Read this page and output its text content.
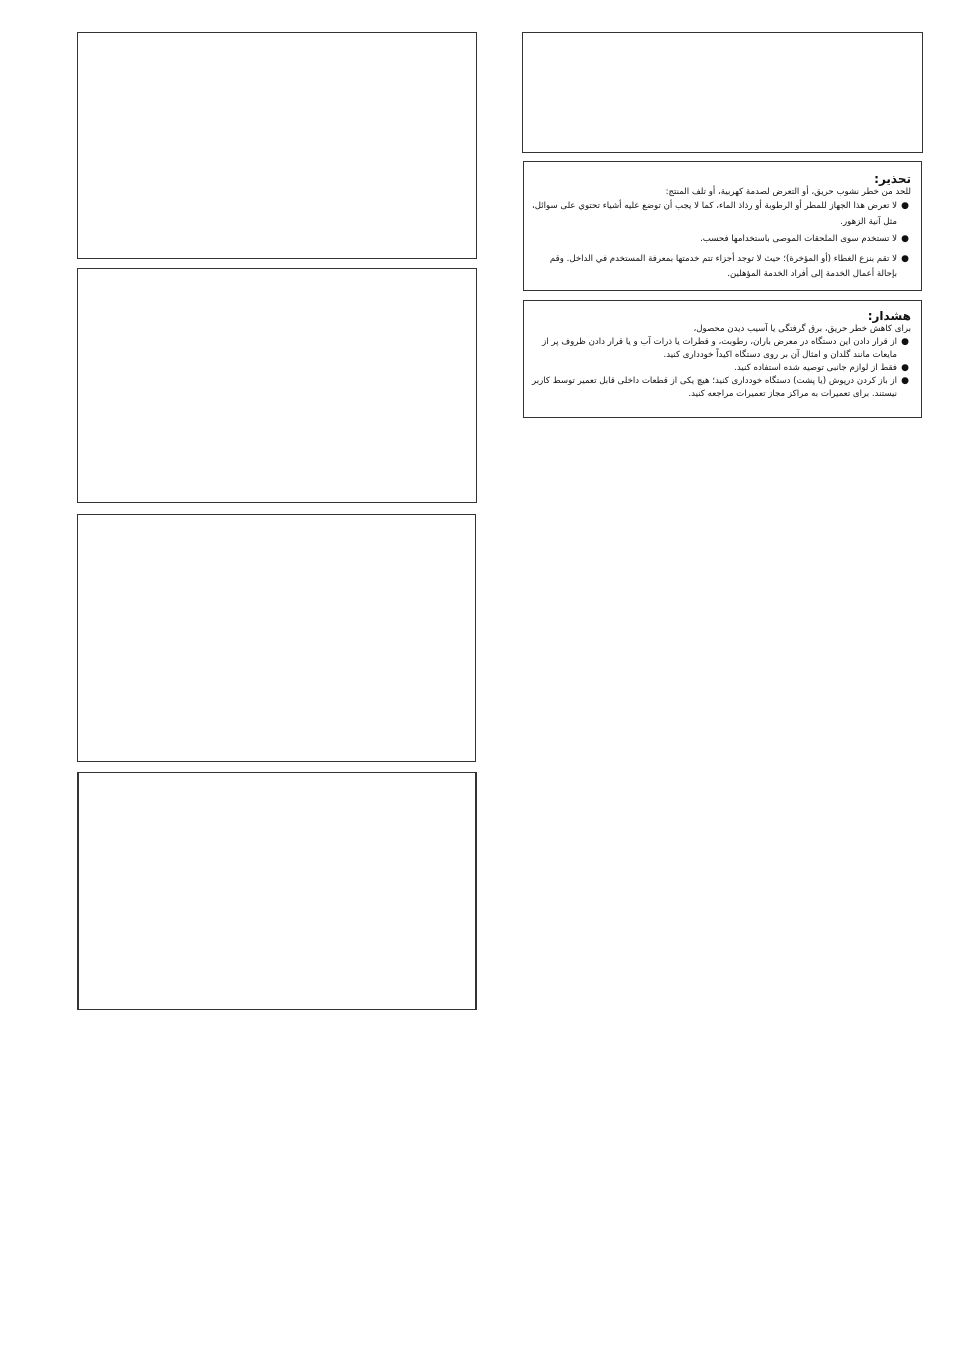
تحذير:

للحد من خطر نشوب حريق، أو التعرض لصدمة كهربية، أو تلف المنتج:

●
لا تعرض هذا الجهاز للمطر أو الرطوبة أو رذاذ الماء، كما لا يجب أن توضع عليه أشياء تحتوي على سوائل، مثل آنية الزهور.
●
لا تستخدم سوى الملحقات الموصى باستخدامها فحسب.
●
لا تقم بنزع الغطاء (أو المؤخرة)؛ حيث لا توجد أجزاء تتم خدمتها بمعرفة المستخدم في الداخل. وقم بإحالة أعمال الخدمة إلى أفراد الخدمة المؤهلين.

هشدار:

برای کاهش خطر حریق، برق گرفتگی یا آسیب دیدن محصول،

●
از قرار دادن این دستگاه در معرض باران، رطوبت، و قطرات یا ذرات آب و یا قرار دادن ظروف پر از مایعات مانند گلدان و امثال آن بر روی دستگاه اکیداً خودداری کنید.
●
فقط از لوازم جانبی توصیه شده استفاده کنید.
●
از باز کردن درپوش (یا پشت) دستگاه خودداری کنید؛ هیچ یکی از قطعات داخلی قابل تعمیر توسط کاربر نیستند. برای تعمیرات به مراکز مجاز تعمیرات مراجعه کنید.
